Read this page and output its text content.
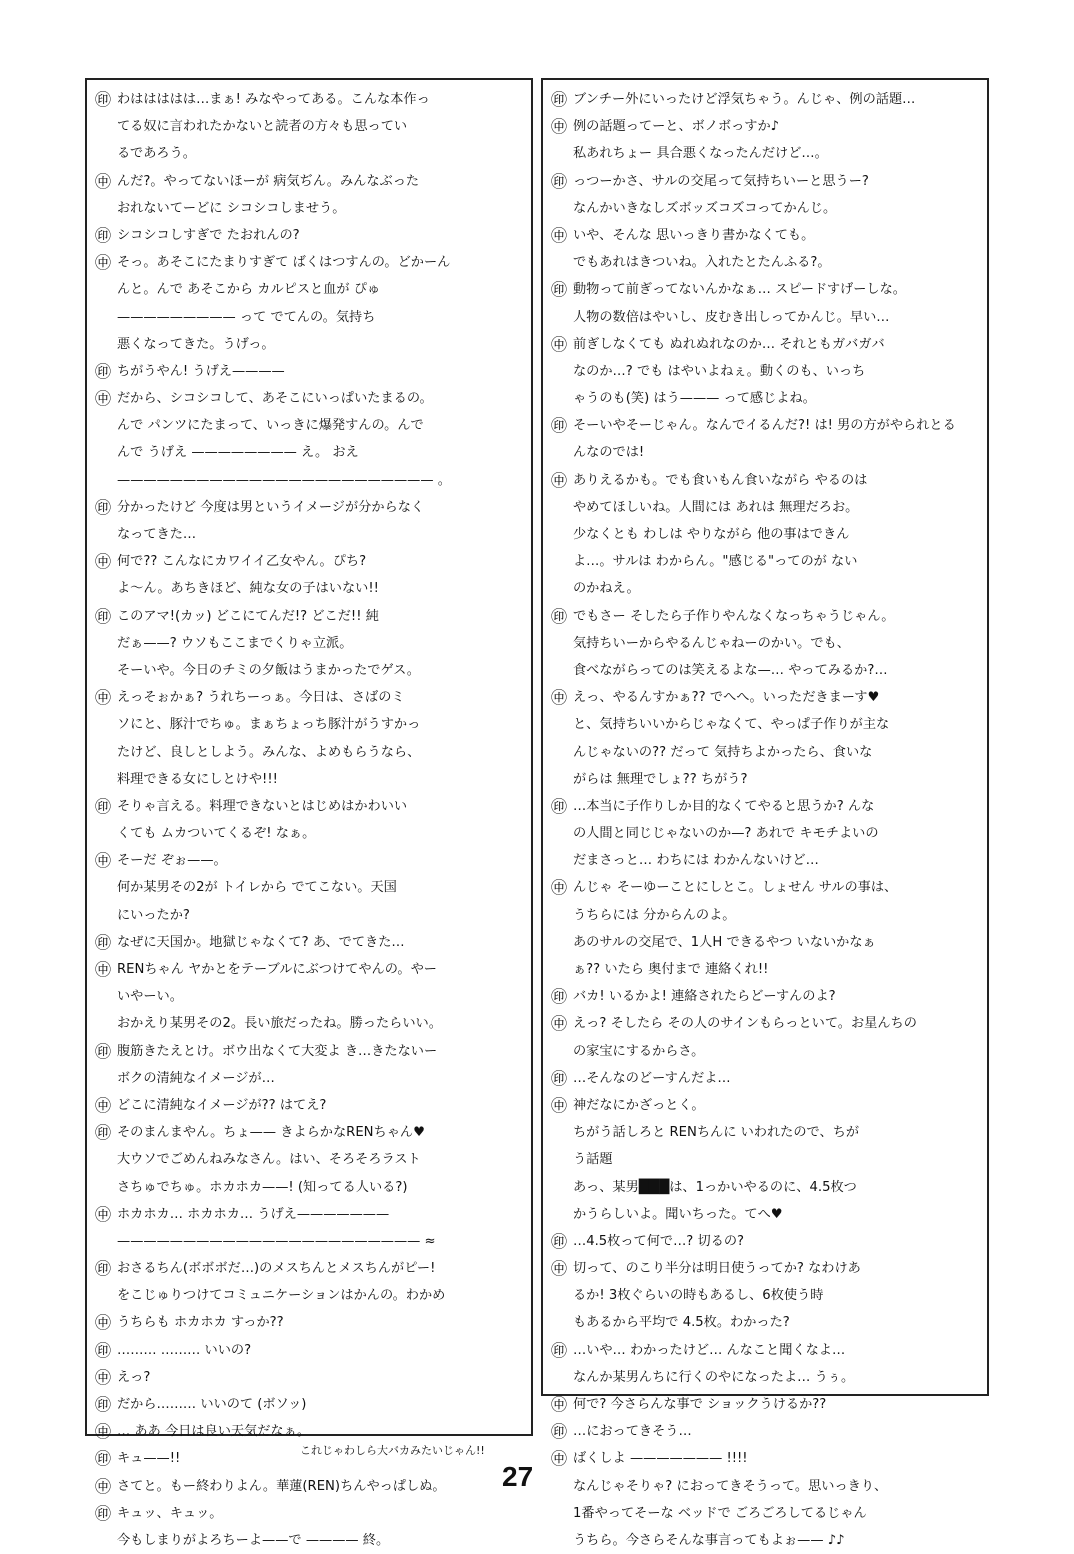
㊞ わははははは…まぁ! みなやってある。こんな本作っ
てる奴に言われたかないと読者の方々も思ってい
るであろう。
㊥ んだ?。やってないほーが 病気ぢん。みんなぶった
おれないてーどに シコシコしませう。
㊞ シコシコしすぎで たおれんの?
㊥ そっ。あそこにたまりすぎて ばくはつすんの。どかーん
んと。んで あそこから カルピスと血が ぴゅ
————————— って でてんの。気持ち
悪くなってきた。うげっ。
㊞ ちがうやん! うげえ————
㊥ だから、シコシコして、あそこにいっぱいたまるの。
んで パンツにたまって、いっきに爆発すんの。んで
んで うげえ ———————— え。 おえ
———————————————————————— 。
㊞ 分かったけど 今度は男というイメージが分からなく
なってきた…
㊥ 何で?? こんなにカワイイ乙女やん。ぴち?
よ〜ん。あちきほど、純な女の子はいない!!
㊞ このアマ!(カッ) どこにてんだ!? どこだ!! 純
だぁ——? ウソもここまでくりゃ立派。
そーいや。今日のチミの夕飯はうまかったでゲス。
㊥ えっそぉかぁ? うれちーっぁ。今日は、さばのミ
ソにと、豚汁でちゅ。まぁちょっち豚汁がうすかっ
たけど、良しとしよう。みんな、よめもらうなら、
料理できる女にしとけや!!!
㊞ そりゃ言える。料理できないとはじめはかわいい
くても ムカついてくるぞ! なぁ。
㊥ そーだ ぞぉ——。
何か某男その2が トイレから でてこない。天国
にいったか?
㊞ なぜに天国か。地獄じゃなくて? あ、でてきた…
㊥ RENちゃん ヤかとをテーブルにぶつけてやんの。やー
いやーい。
おかえり某男その2。長い旅だったね。勝ったらいい。
㊞ 腹筋きたえとけ。ボウ出なくて大変よ き…きたないー
ボクの清純なイメージが…
㊥ どこに清純なイメージが?? はてえ?
㊞ そのまんまやん。ちょ—— きよらかなRENちゃん♥
大ウソでごめんねみなさん。はい、そろそろラスト
さちゅでちゅ。ホカホカ——! (知ってる人いる?)
㊥ ホカホカ… ホカホカ… うげえ———————
——————————————————————— ≈
㊞ おさるちん(ボボボだ…)のメスちんとメスちんがピー!
をこじゅりつけてコミュニケーションはかんの。わかめ
㊥ うちらも ホカホカ すっか??
㊞ ……… ……… いいの?
㊥ えっ?
㊞ だから……… いいのて (ボソッ)
㊥ … ああ 今日は良い天気だなぁ。
㊞ キュ——!!
㊥ さてと。もー終わりよん。華蓮(REN)ちんやっぱしぬ。
㊞ キュッ、キュッ。
今もしまりがよろちーよ——で ———— 終。
㊞ ブンチー外にいったけど浮気ちゃう。んじゃ、例の話題…
㊥ 例の話題ってーと、ボノボっすか♪
私あれちょー 具合悪くなったんだけど…。
㊞ っつーかさ、サルの交尾って気持ちいーと思うー?
なんかいきなしズボッズコズコってかんじ。
㊥ いや、そんな 思いっきり書かなくても。
でもあれはきついね。入れたとたんふる?。
㊞ 動物って前ぎってないんかなぁ… スピードすげーしな。
人物の数倍はやいし、皮むき出しってかんじ。早い…
㊥ 前ぎしなくても ぬれぬれなのか… それともガバガバ
なのか…? でも はやいよねぇ。動くのも、いっち
ゃうのも(笑) はう——— って感じよね。
㊞ そーいやそーじゃん。なんでイるんだ?! は! 男の方がやられとる
んなのでは!
㊥ ありえるかも。でも食いもん食いながら やるのは
やめてほしいね。人間には あれは 無理だろお。
少なくとも わしは やりながら 他の事はできん
よ…。サルは わからん。"感じる"ってのが ない
のかねえ。
㊞ でもさー そしたら子作りやんなくなっちゃうじゃん。
気持ちいーからやるんじゃねーのかい。でも、
食べながらってのは笑えるよな—… やってみるか?…
㊥ えっ、やるんすかぁ?? でへへ。いっただきまーす♥
と、気持ちいいからじゃなくて、やっぱ子作りが主な
んじゃないの?? だって 気持ちよかったら、食いな
がらは 無理でしょ?? ちがう?
㊞ …本当に子作りしか目的なくてやると思うか? んな
の人間と同じじゃないのか—? あれで キモチよいの
だまさっと… わちには わかんないけど…
㊥ んじゃ そーゆーことにしとこ。しょせん サルの事は、
うちらには 分からんのよ。
あのサルの交尾で、1人H できるやつ いないかなぁ
ぁ?? いたら 奥付まで 連絡くれ!!
㊞ バカ! いるかよ! 連絡されたらどーすんのよ?
㊥ えっ? そしたら その人のサインもらっといて。お星んちの
の家宝にするからさ。
㊞ …そんなのどーすんだよ…
㊥ 神だなにかざっとく。
ちがう話しろと RENちんに いわれたので、ちが
う話題
あっ、某男███は、1っかいやるのに、4.5枚つ
かうらしいよ。聞いちった。てへ♥
㊞ …4.5枚って何で…? 切るの?
㊥ 切って、のこり半分は明日使うってか? なわけあ
るか! 3枚ぐらいの時もあるし、6枚使う時
もあるから平均で 4.5枚。わかった?
㊞ …いや… わかったけど… んなこと聞くなよ…
なんか某男んちに行くのやになったよ… うぅ。
㊥ 何で? 今さらんな事で ショックうけるか??
㊞ …におってきそう…
㊥ ばくしよ ——————— !!!!
なんじゃそりゃ? におってきそうって。思いっきり、
1番やってそーな ベッドで ごろごろしてるじゃん
うちら。今さらそんな事言ってもよぉ—— ♪♪
これじゃわしら大バカみたいじゃん!!
27
